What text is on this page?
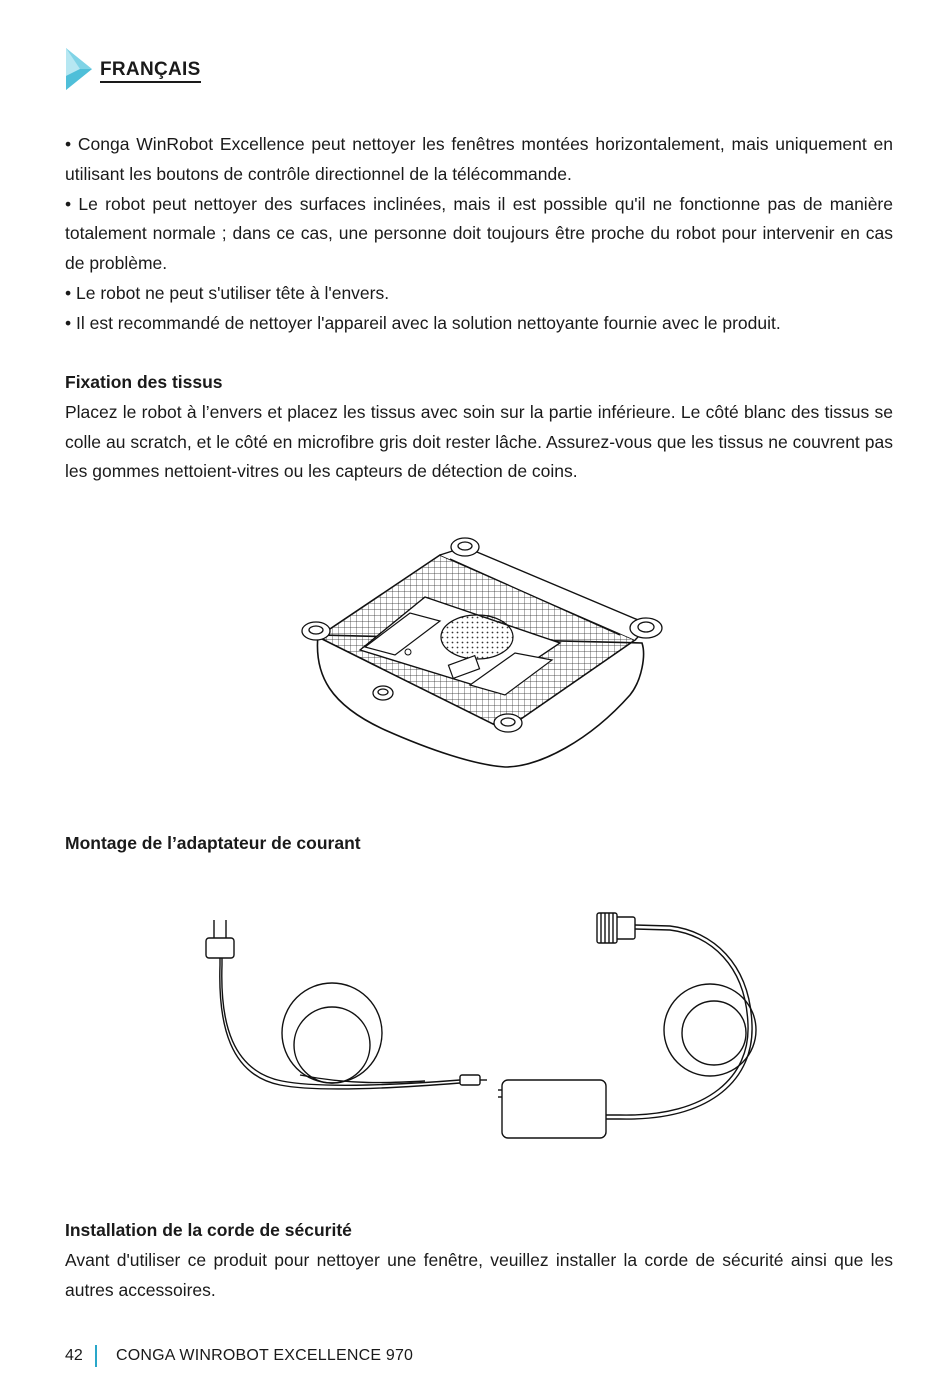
FRANÇAIS

• Conga WinRobot Excellence peut nettoyer les fenêtres montées horizontalement, mais uniquement en utilisant les boutons de contrôle directionnel de la télécommande.

• Le robot peut nettoyer des surfaces inclinées, mais il est possible qu'il ne fonctionne pas de manière totalement normale ; dans ce cas, une personne doit toujours être proche du robot pour intervenir en cas de problème.

• Le robot ne peut s'utiliser tête à l'envers.

• Il est recommandé de nettoyer l'appareil avec la solution nettoyante fournie avec le produit.

Fixation des tissus

Placez le robot à l’envers et placez les tissus avec soin sur la partie inférieure. Le côté blanc des tissus se colle au scratch, et le côté en microfibre gris doit rester lâche. Assurez-vous que les tissus ne couvrent pas les gommes nettoient-vitres ou les capteurs de détection de coins.

Montage de l’adaptateur de courant

Installation de la corde de sécurité

Avant d'utiliser ce produit pour nettoyer une fenêtre, veuillez installer la corde de sécurité ainsi que les autres accessoires.

42 CONGA WINROBOT EXCELLENCE 970
